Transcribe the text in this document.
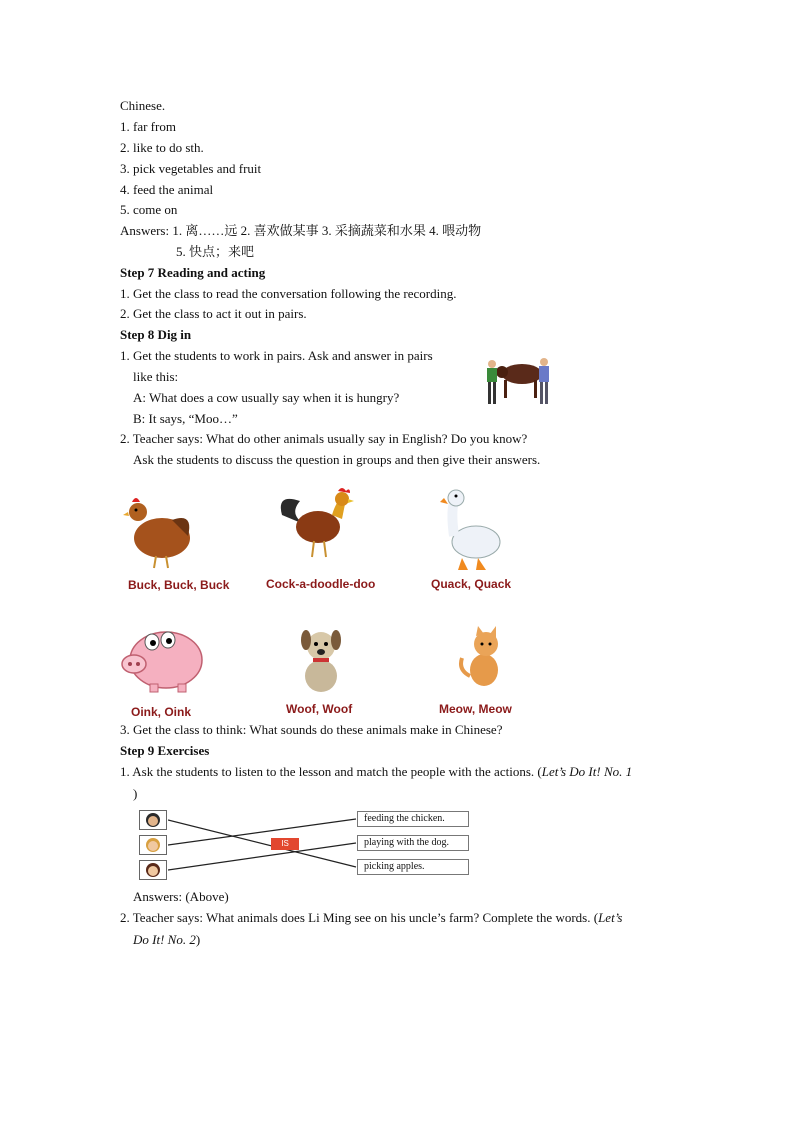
Chinese.
1. far from
2. like to do sth.
3. pick vegetables and fruit
4. feed the animal
5. come on
Answers: 1. 离……远 2. 喜欢做某事 3. 采摘蔬菜和水果 4. 喂动物
5. 快点；来吧
Step 7 Reading and acting
1. Get the class to read the conversation following the recording.
2. Get the class to act it out in pairs.
Step 8 Dig in
1. Get the students to work in pairs. Ask and answer in pairs
like this:
A: What does a cow usually say when it is hungry?
B: It says, “Moo…”
2. Teacher says: What do other animals usually say in English? Do you know?
Ask the students to discuss the question in groups and then give their answers.
Buck, Buck, Buck	Cock-a-doodle-doo	Quack, Quack
Oink, Oink	Woof, Woof	Meow, Meow
3. Get the class to think: What sounds do these animals make in Chinese?
Step 9 Exercises
1. Ask the students to listen to the lesson and match the people with the actions. (Let’s Do It! No. 1
)
IS
feeding the chicken.
playing with the dog.
picking apples.
Answers: (Above)
2. Teacher says: What animals does Li Ming see on his uncle’s farm? Complete the words. (Let’s
Do It! No. 2)
